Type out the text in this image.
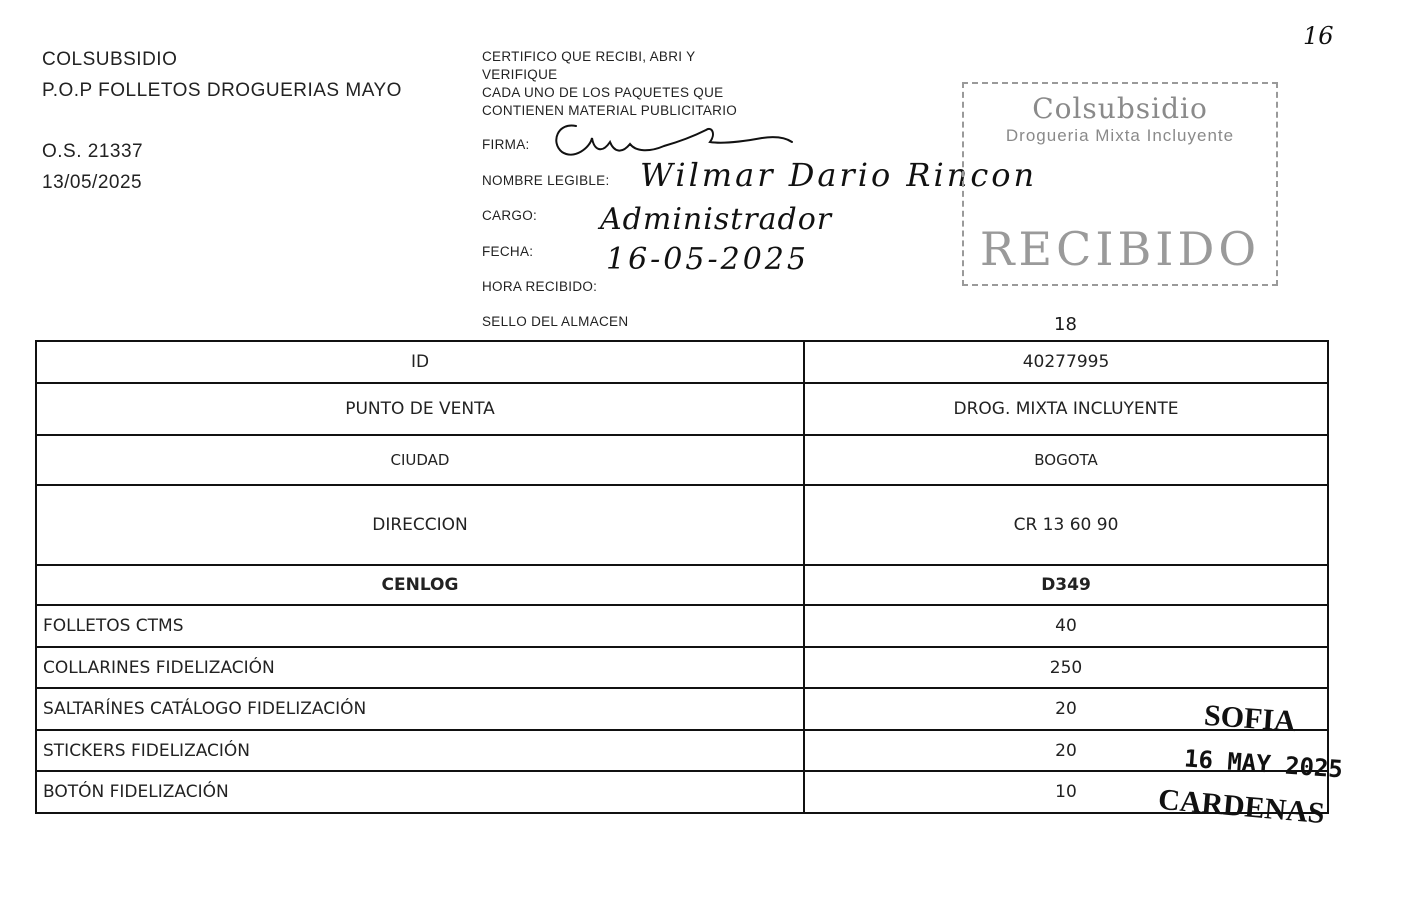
16
COLSUBSIDIO
P.O.P FOLLETOS DROGUERIAS MAYO
O.S. 21337
13/05/2025
CERTIFICO QUE RECIBI, ABRI Y
VERIFIQUE
CADA UNO DE LOS PAQUETES QUE
CONTIENEN MATERIAL PUBLICITARIO
FIRMA:
NOMBRE LEGIBLE:
CARGO:
FECHA:
HORA RECIBIDO:
SELLO DEL ALMACEN
Wilmar Dario Rincon
Administrador
16-05-2025
18
Colsubsidio
Drogueria Mixta Incluyente
RECIBIDO
ID	40277995
PUNTO DE VENTA	DROG. MIXTA INCLUYENTE
CIUDAD	BOGOTA
DIRECCION	CR 13 60 90
CENLOG	D349
FOLLETOS CTMS	40
COLLARINES FIDELIZACIÓN	250
SALTARÍNES CATÁLOGO FIDELIZACIÓN	20
STICKERS FIDELIZACIÓN	20
BOTÓN FIDELIZACIÓN	10
SOFIA
16 MAY 2025
CARDENAS
